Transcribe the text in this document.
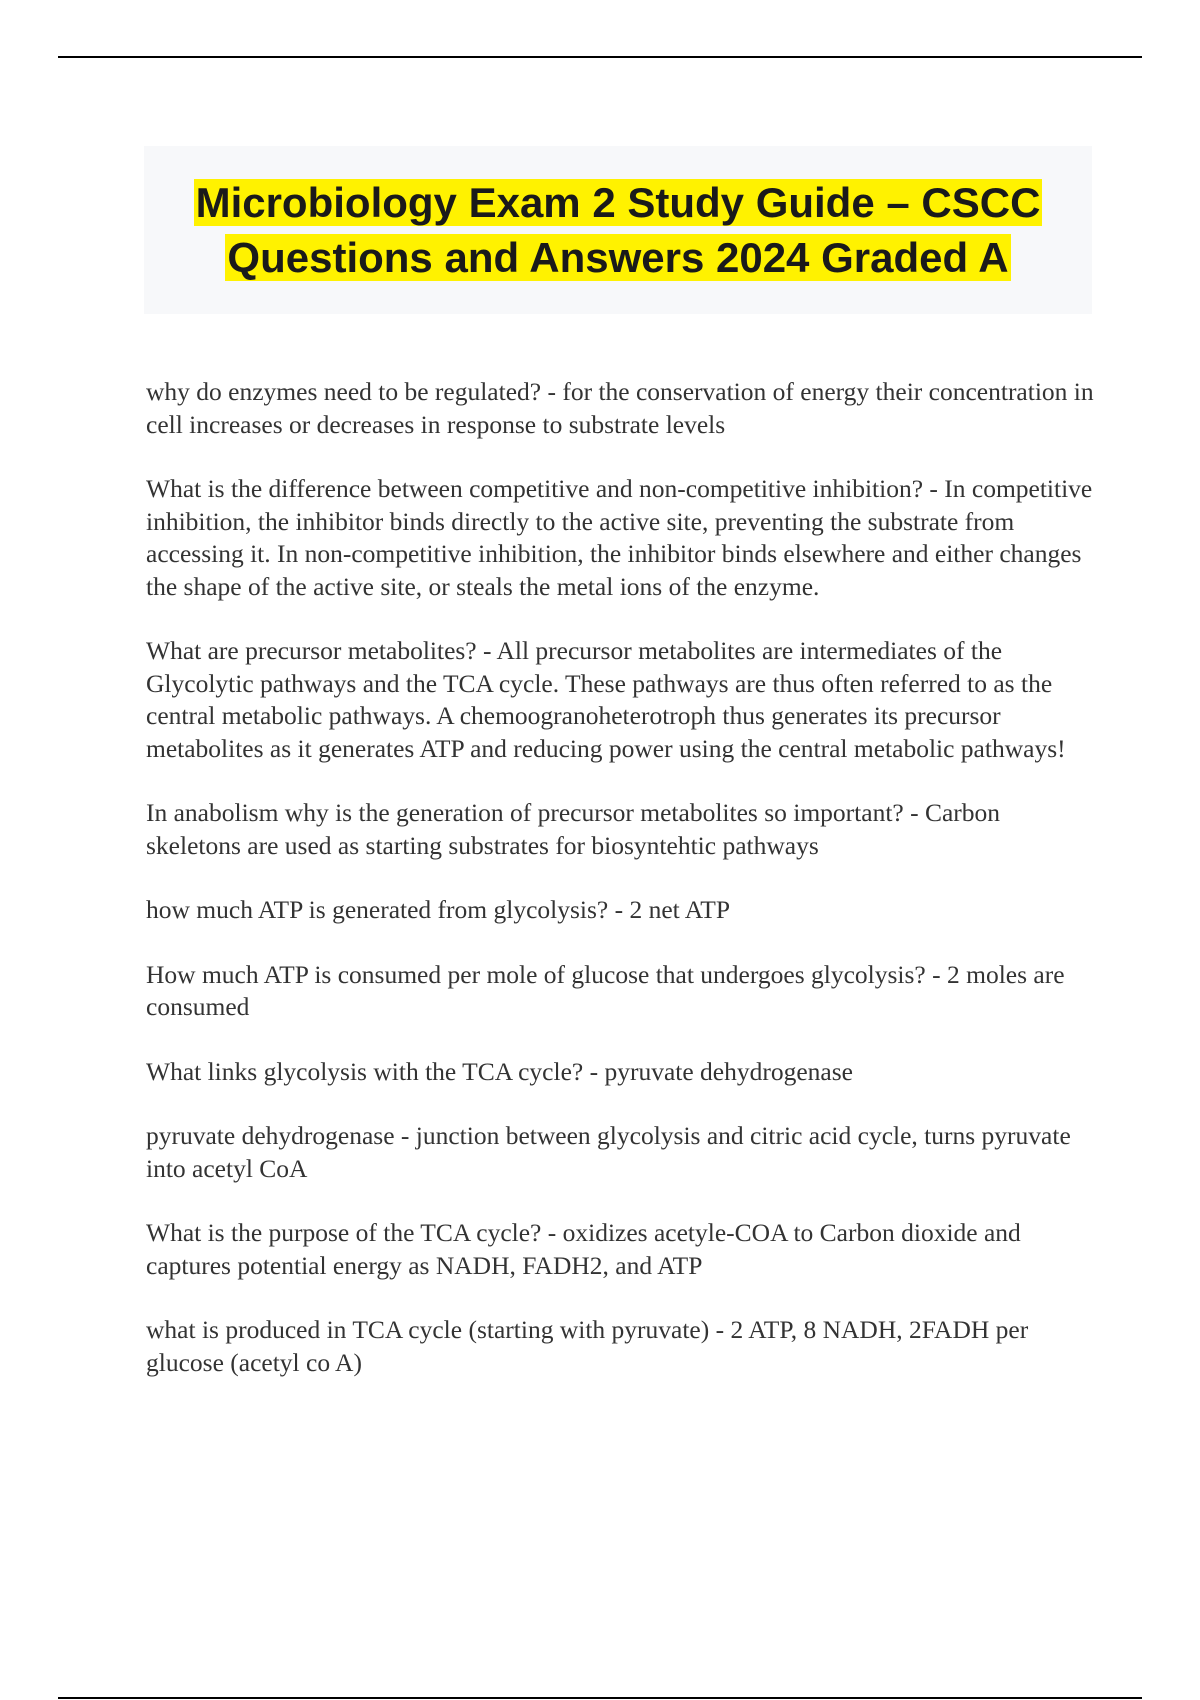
Microbiology Exam 2 Study Guide – CSCC Questions and Answers 2024 Graded A

why do enzymes need to be regulated? - for the conservation of energy their concentration in cell increases or decreases in response to substrate levels

What is the difference between competitive and non-competitive inhibition? - In competitive inhibition, the inhibitor binds directly to the active site, preventing the substrate from accessing it. In non-competitive inhibition, the inhibitor binds elsewhere and either changes the shape of the active site, or steals the metal ions of the enzyme.

What are precursor metabolites? - All precursor metabolites are intermediates of the Glycolytic pathways and the TCA cycle. These pathways are thus often referred to as the central metabolic pathways. A chemoogranoheterotroph thus generates its precursor metabolites as it generates ATP and reducing power using the central metabolic pathways!

In anabolism why is the generation of precursor metabolites so important? - Carbon skeletons are used as starting substrates for biosyntehtic pathways

how much ATP is generated from glycolysis? - 2 net ATP

How much ATP is consumed per mole of glucose that undergoes glycolysis? - 2 moles are consumed

What links glycolysis with the TCA cycle? - pyruvate dehydrogenase

pyruvate dehydrogenase - junction between glycolysis and citric acid cycle, turns pyruvate into acetyl CoA

What is the purpose of the TCA cycle? - oxidizes acetyle-COA to Carbon dioxide and captures potential energy as NADH, FADH2, and ATP

what is produced in TCA cycle (starting with pyruvate) - 2 ATP, 8 NADH, 2FADH per glucose (acetyl co A)
